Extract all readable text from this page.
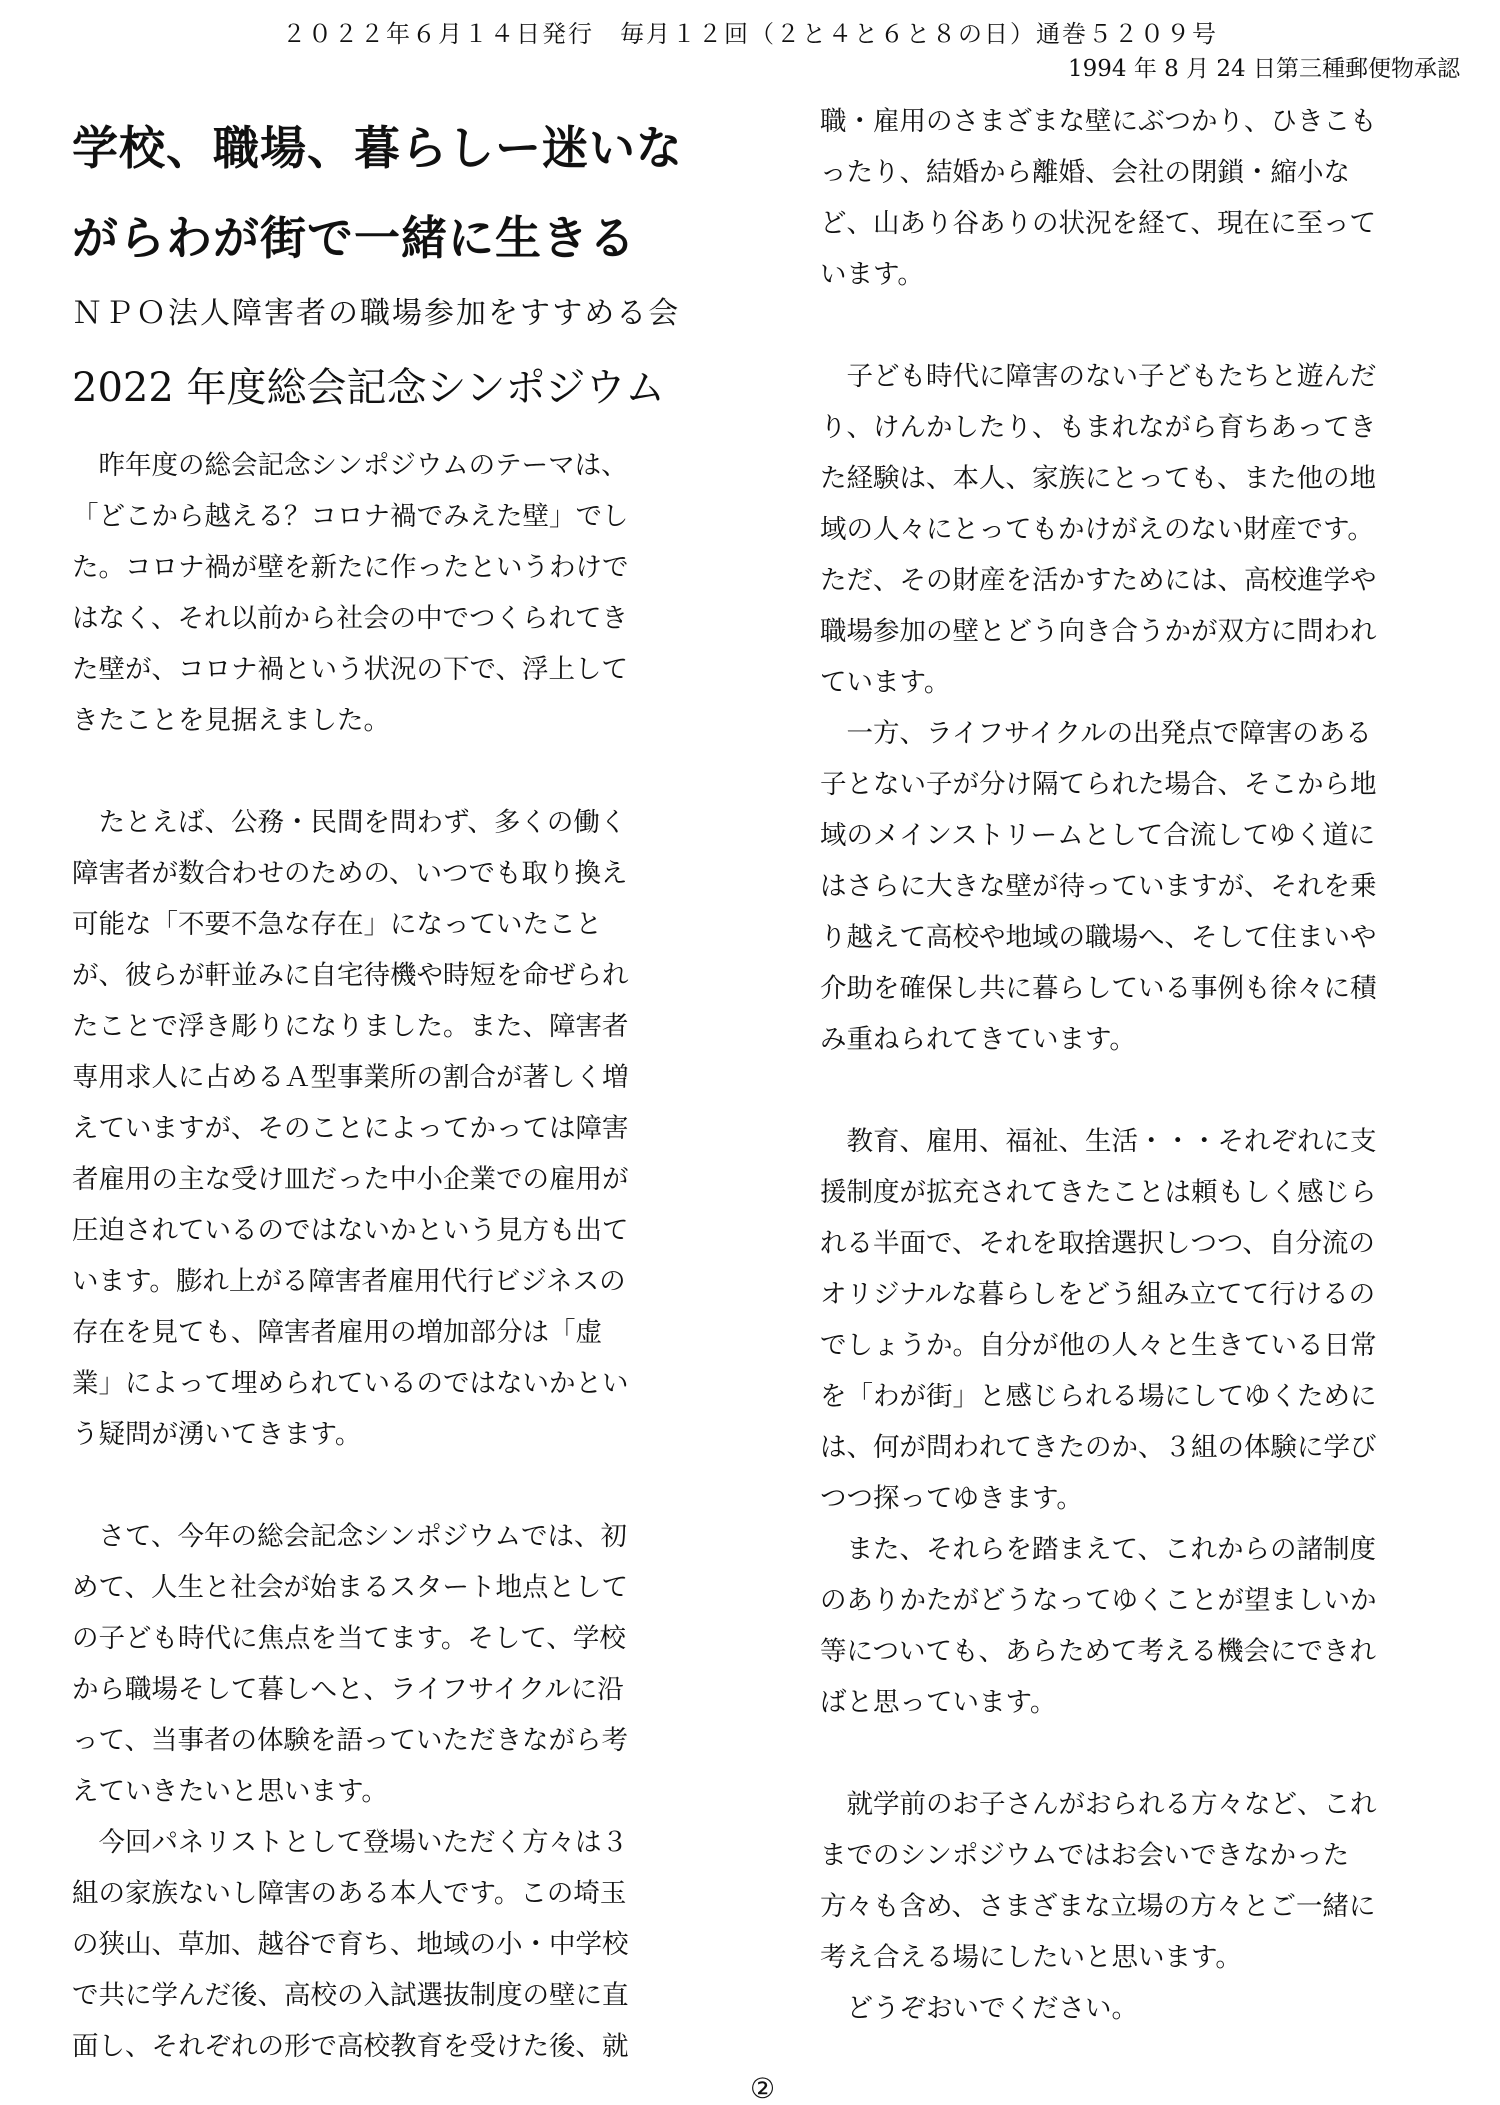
２０２２年６月１４日発行　毎月１２回（２と４と６と８の日）通巻５２０９号
1994 年 8 月 24 日第三種郵便物承認
学校、職場、暮らしー迷いな
がらわが街で一緒に生きる
ＮＰＯ法人障害者の職場参加をすすめる会
2022 年度総会記念シンポジウム
　昨年度の総会記念シンポジウムのテーマは、
「どこから越える？コロナ禍でみえた壁」でし
た。コロナ禍が壁を新たに作ったというわけで
はなく、それ以前から社会の中でつくられてき
た壁が、コロナ禍という状況の下で、浮上して
きたことを見据えました。
　たとえば、公務・民間を問わず、多くの働く
障害者が数合わせのための、いつでも取り換え
可能な「不要不急な存在」になっていたこと
が、彼らが軒並みに自宅待機や時短を命ぜられ
たことで浮き彫りになりました。また、障害者
専用求人に占めるＡ型事業所の割合が著しく増
えていますが、そのことによってかっては障害
者雇用の主な受け皿だった中小企業での雇用が
圧迫されているのではないかという見方も出て
います。膨れ上がる障害者雇用代行ビジネスの
存在を見ても、障害者雇用の増加部分は「虚
業」によって埋められているのではないかとい
う疑問が湧いてきます。
　さて、今年の総会記念シンポジウムでは、初
めて、人生と社会が始まるスタート地点として
の子ども時代に焦点を当てます。そして、学校
から職場そして暮しへと、ライフサイクルに沿
って、当事者の体験を語っていただきながら考
えていきたいと思います。
　今回パネリストとして登場いただく方々は３
組の家族ないし障害のある本人です。この埼玉
の狭山、草加、越谷で育ち、地域の小・中学校
で共に学んだ後、高校の入試選抜制度の壁に直
面し、それぞれの形で高校教育を受けた後、就
職・雇用のさまざまな壁にぶつかり、ひきこも
ったり、結婚から離婚、会社の閉鎖・縮小な
ど、山あり谷ありの状況を経て、現在に至って
います。
　子ども時代に障害のない子どもたちと遊んだ
り、けんかしたり、もまれながら育ちあってき
た経験は、本人、家族にとっても、また他の地
域の人々にとってもかけがえのない財産です。
ただ、その財産を活かすためには、高校進学や
職場参加の壁とどう向き合うかが双方に問われ
ています。
　一方、ライフサイクルの出発点で障害のある
子とない子が分け隔てられた場合、そこから地
域のメインストリームとして合流してゆく道に
はさらに大きな壁が待っていますが、それを乗
り越えて高校や地域の職場へ、そして住まいや
介助を確保し共に暮らしている事例も徐々に積
み重ねられてきています。
　教育、雇用、福祉、生活・・・それぞれに支
援制度が拡充されてきたことは頼もしく感じら
れる半面で、それを取捨選択しつつ、自分流の
オリジナルな暮らしをどう組み立てて行けるの
でしょうか。自分が他の人々と生きている日常
を「わが街」と感じられる場にしてゆくために
は、何が問われてきたのか、３組の体験に学び
つつ探ってゆきます。
　また、それらを踏まえて、これからの諸制度
のありかたがどうなってゆくことが望ましいか
等についても、あらためて考える機会にできれ
ばと思っています。
　就学前のお子さんがおられる方々など、これ
までのシンポジウムではお会いできなかった
方々も含め、さまざまな立場の方々とご一緒に
考え合える場にしたいと思います。
　どうぞおいでください。
②
